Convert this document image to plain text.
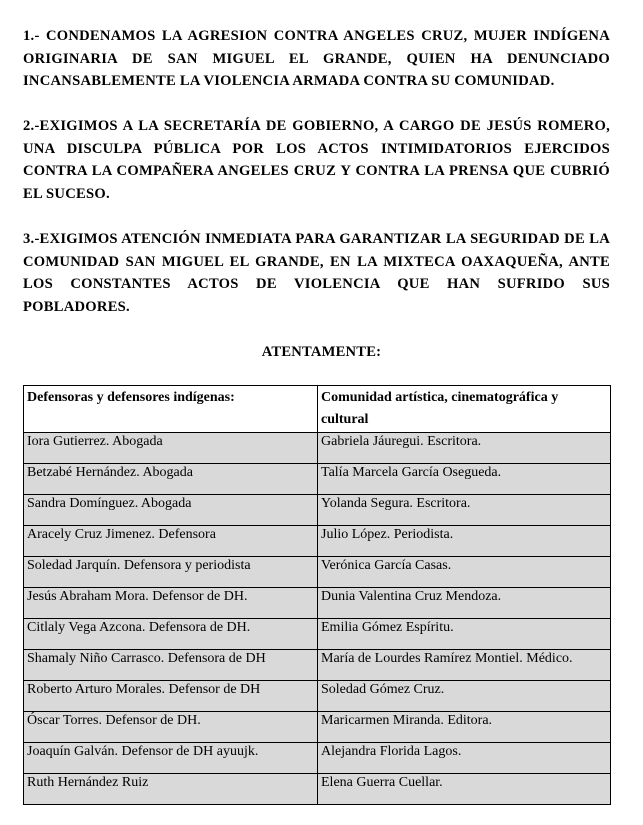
1.- CONDENAMOS LA AGRESION CONTRA ANGELES CRUZ, MUJER INDÍGENA ORIGINARIA DE SAN MIGUEL EL GRANDE, QUIEN HA DENUNCIADO INCANSABLEMENTE LA VIOLENCIA ARMADA CONTRA SU COMUNIDAD.

2.-EXIGIMOS A LA SECRETARÍA DE GOBIERNO, A CARGO DE JESÚS ROMERO, UNA DISCULPA PÚBLICA POR LOS ACTOS INTIMIDATORIOS EJERCIDOS CONTRA LA COMPAÑERA ANGELES CRUZ Y CONTRA LA PRENSA QUE CUBRIÓ EL SUCESO.

3.-EXIGIMOS ATENCIÓN INMEDIATA PARA GARANTIZAR LA SEGURIDAD DE LA COMUNIDAD SAN MIGUEL EL GRANDE, EN LA MIXTECA OAXAQUEÑA, ANTE LOS CONSTANTES ACTOS DE VIOLENCIA QUE HAN SUFRIDO SUS POBLADORES.

ATENTAMENTE:

Defensoras y defensores indígenas:	Comunidad artística, cinematográfica y cultural
Iora Gutierrez. Abogada	Gabriela Jáuregui. Escritora.
Betzabé Hernández. Abogada	Talía Marcela García Osegueda.
Sandra Domínguez. Abogada	Yolanda Segura. Escritora.
Aracely Cruz Jimenez. Defensora	Julio López. Periodista.
Soledad Jarquín. Defensora y periodista	Verónica García Casas.
Jesús Abraham Mora. Defensor de DH.	Dunia Valentina Cruz Mendoza.
Citlaly Vega Azcona. Defensora de DH.	Emilia Gómez Espíritu.
Shamaly Niño Carrasco. Defensora de DH	María de Lourdes Ramírez Montiel. Médico.
Roberto Arturo Morales. Defensor de DH	Soledad Gómez Cruz.
Óscar Torres. Defensor de DH.	Maricarmen Miranda. Editora.
Joaquín Galván. Defensor de DH ayuujk.	Alejandra Florida Lagos.
Ruth Hernández Ruiz	Elena Guerra Cuellar.
